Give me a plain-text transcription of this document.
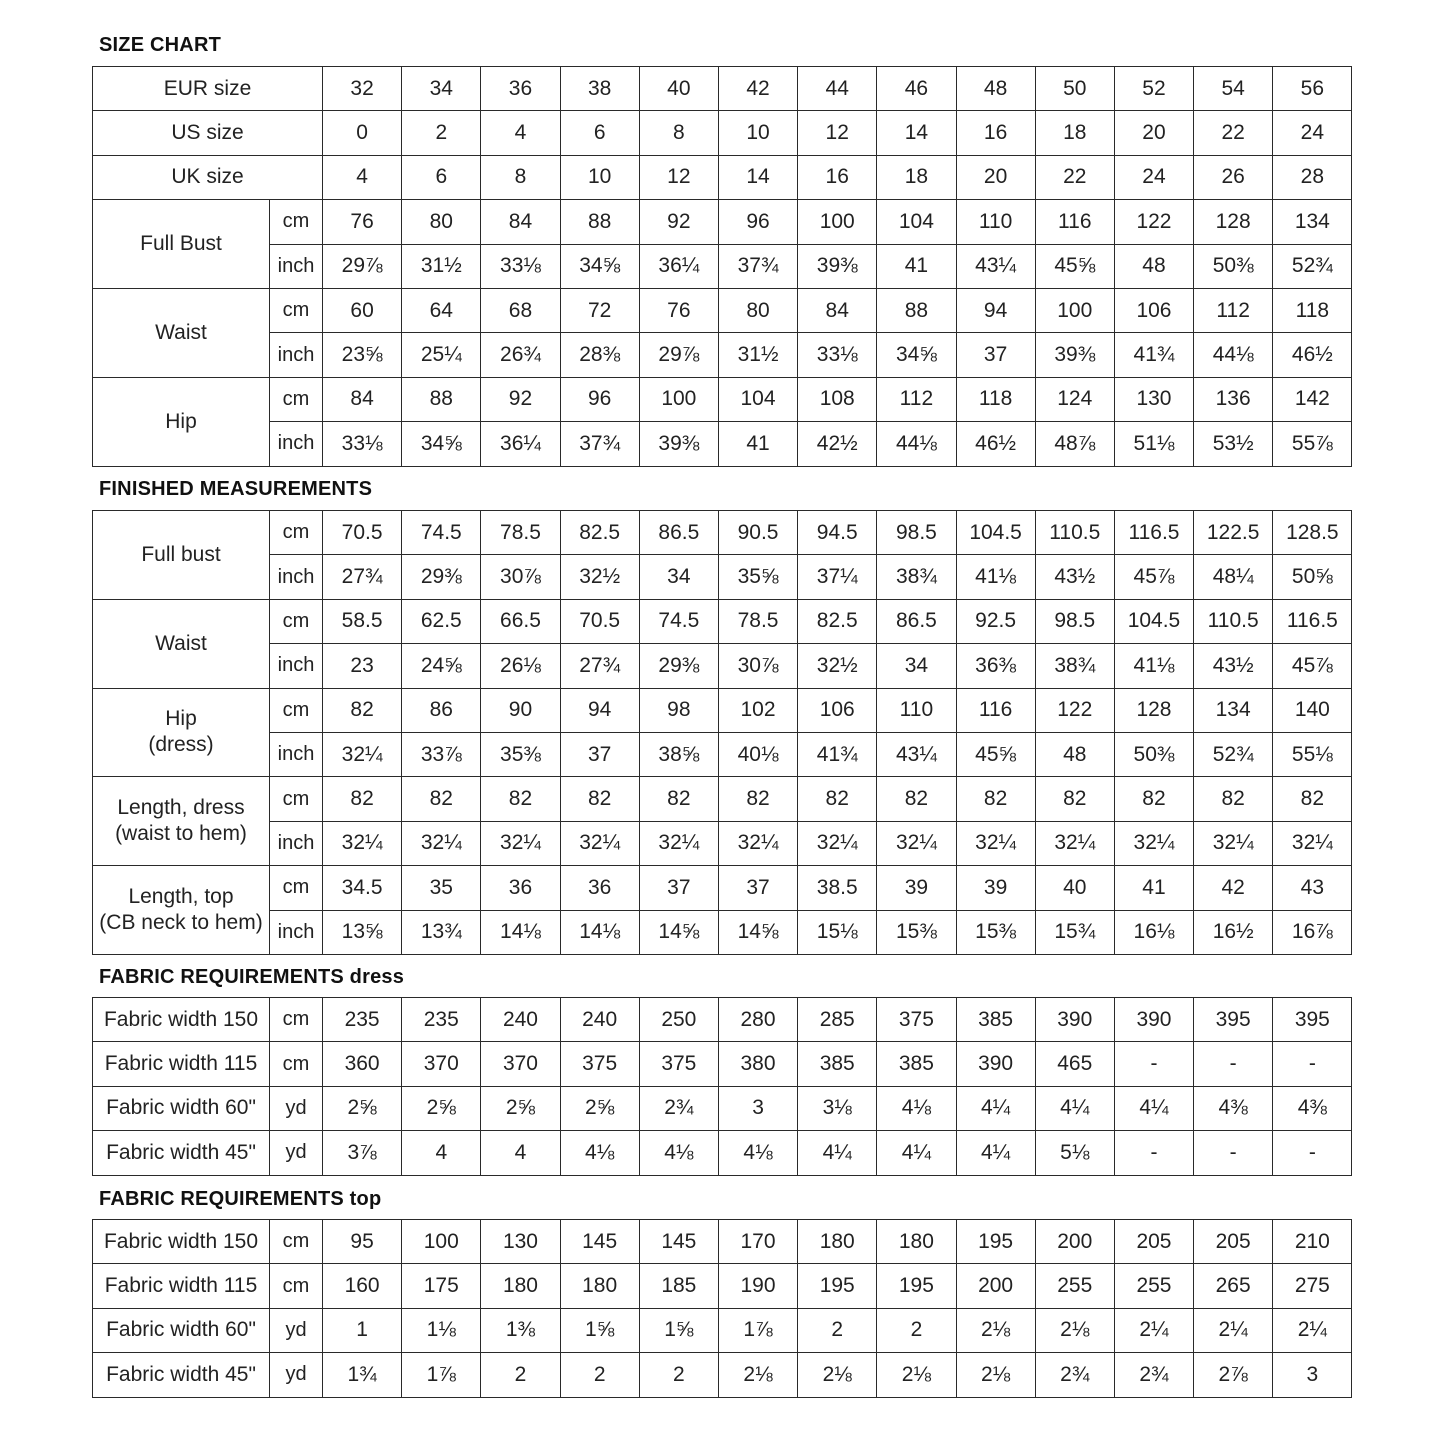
SIZE CHART
EUR size		32	34	36	38	40	42	44	46	48	50	52	54	56
US size		0	2	4	6	8	10	12	14	16	18	20	22	24
UK size		4	6	8	10	12	14	16	18	20	22	24	26	28

Full Bust	cm	76	80	84	88	92	96	100	104	110	116	122	128	134
	inch	29⅞	31½	33⅛	34⅝	36¼	37¾	39⅜	41	43¼	45⅝	48	50⅜	52¾

Waist	cm	60	64	68	72	76	80	84	88	94	100	106	112	118
	inch	23⅝	25¼	26¾	28⅜	29⅞	31½	33⅛	34⅝	37	39⅜	41¾	44⅛	46½

Hip	cm	84	88	92	96	100	104	108	112	118	124	130	136	142
	inch	33⅛	34⅝	36¼	37¾	39⅜	41	42½	44⅛	46½	48⅞	51⅛	53½	55⅞
FINISHED MEASUREMENTS
Full bust	cm	70.5	74.5	78.5	82.5	86.5	90.5	94.5	98.5	104.5	110.5	116.5	122.5	128.5
	inch	27¾	29⅜	30⅞	32½	34	35⅝	37¼	38¾	41⅛	43½	45⅞	48¼	50⅝

Waist	cm	58.5	62.5	66.5	70.5	74.5	78.5	82.5	86.5	92.5	98.5	104.5	110.5	116.5
	inch	23	24⅝	26⅛	27¾	29⅜	30⅞	32½	34	36⅜	38¾	41⅛	43½	45⅞

Hip
(dress)	cm	82	86	90	94	98	102	106	110	116	122	128	134	140
	inch	32¼	33⅞	35⅜	37	38⅝	40⅛	41¾	43¼	45⅝	48	50⅜	52¾	55⅛

Length, dress
(waist to hem)	cm	82	82	82	82	82	82	82	82	82	82	82	82	82
	inch	32¼	32¼	32¼	32¼	32¼	32¼	32¼	32¼	32¼	32¼	32¼	32¼	32¼

Length, top
(CB neck to hem)	cm	34.5	35	36	36	37	37	38.5	39	39	40	41	42	43
	inch	13⅝	13¾	14⅛	14⅛	14⅝	14⅝	15⅛	15⅜	15⅜	15¾	16⅛	16½	16⅞
FABRIC REQUIREMENTS dress
Fabric width 150	cm	235	235	240	240	250	280	285	375	385	390	390	395	395
Fabric width 115	cm	360	370	370	375	375	380	385	385	390	465	-	-	-
Fabric width 60"	yd	2⅝	2⅝	2⅝	2⅝	2¾	3	3⅛	4⅛	4¼	4¼	4¼	4⅜	4⅜
Fabric width 45"	yd	3⅞	4	4	4⅛	4⅛	4⅛	4¼	4¼	4¼	5⅛	-	-	-
FABRIC REQUIREMENTS top
Fabric width 150	cm	95	100	130	145	145	170	180	180	195	200	205	205	210
Fabric width 115	cm	160	175	180	180	185	190	195	195	200	255	255	265	275
Fabric width 60"	yd	1	1⅛	1⅜	1⅝	1⅝	1⅞	2	2	2⅛	2⅛	2¼	2¼	2¼
Fabric width 45"	yd	1¾	1⅞	2	2	2	2⅛	2⅛	2⅛	2⅛	2¾	2¾	2⅞	3
